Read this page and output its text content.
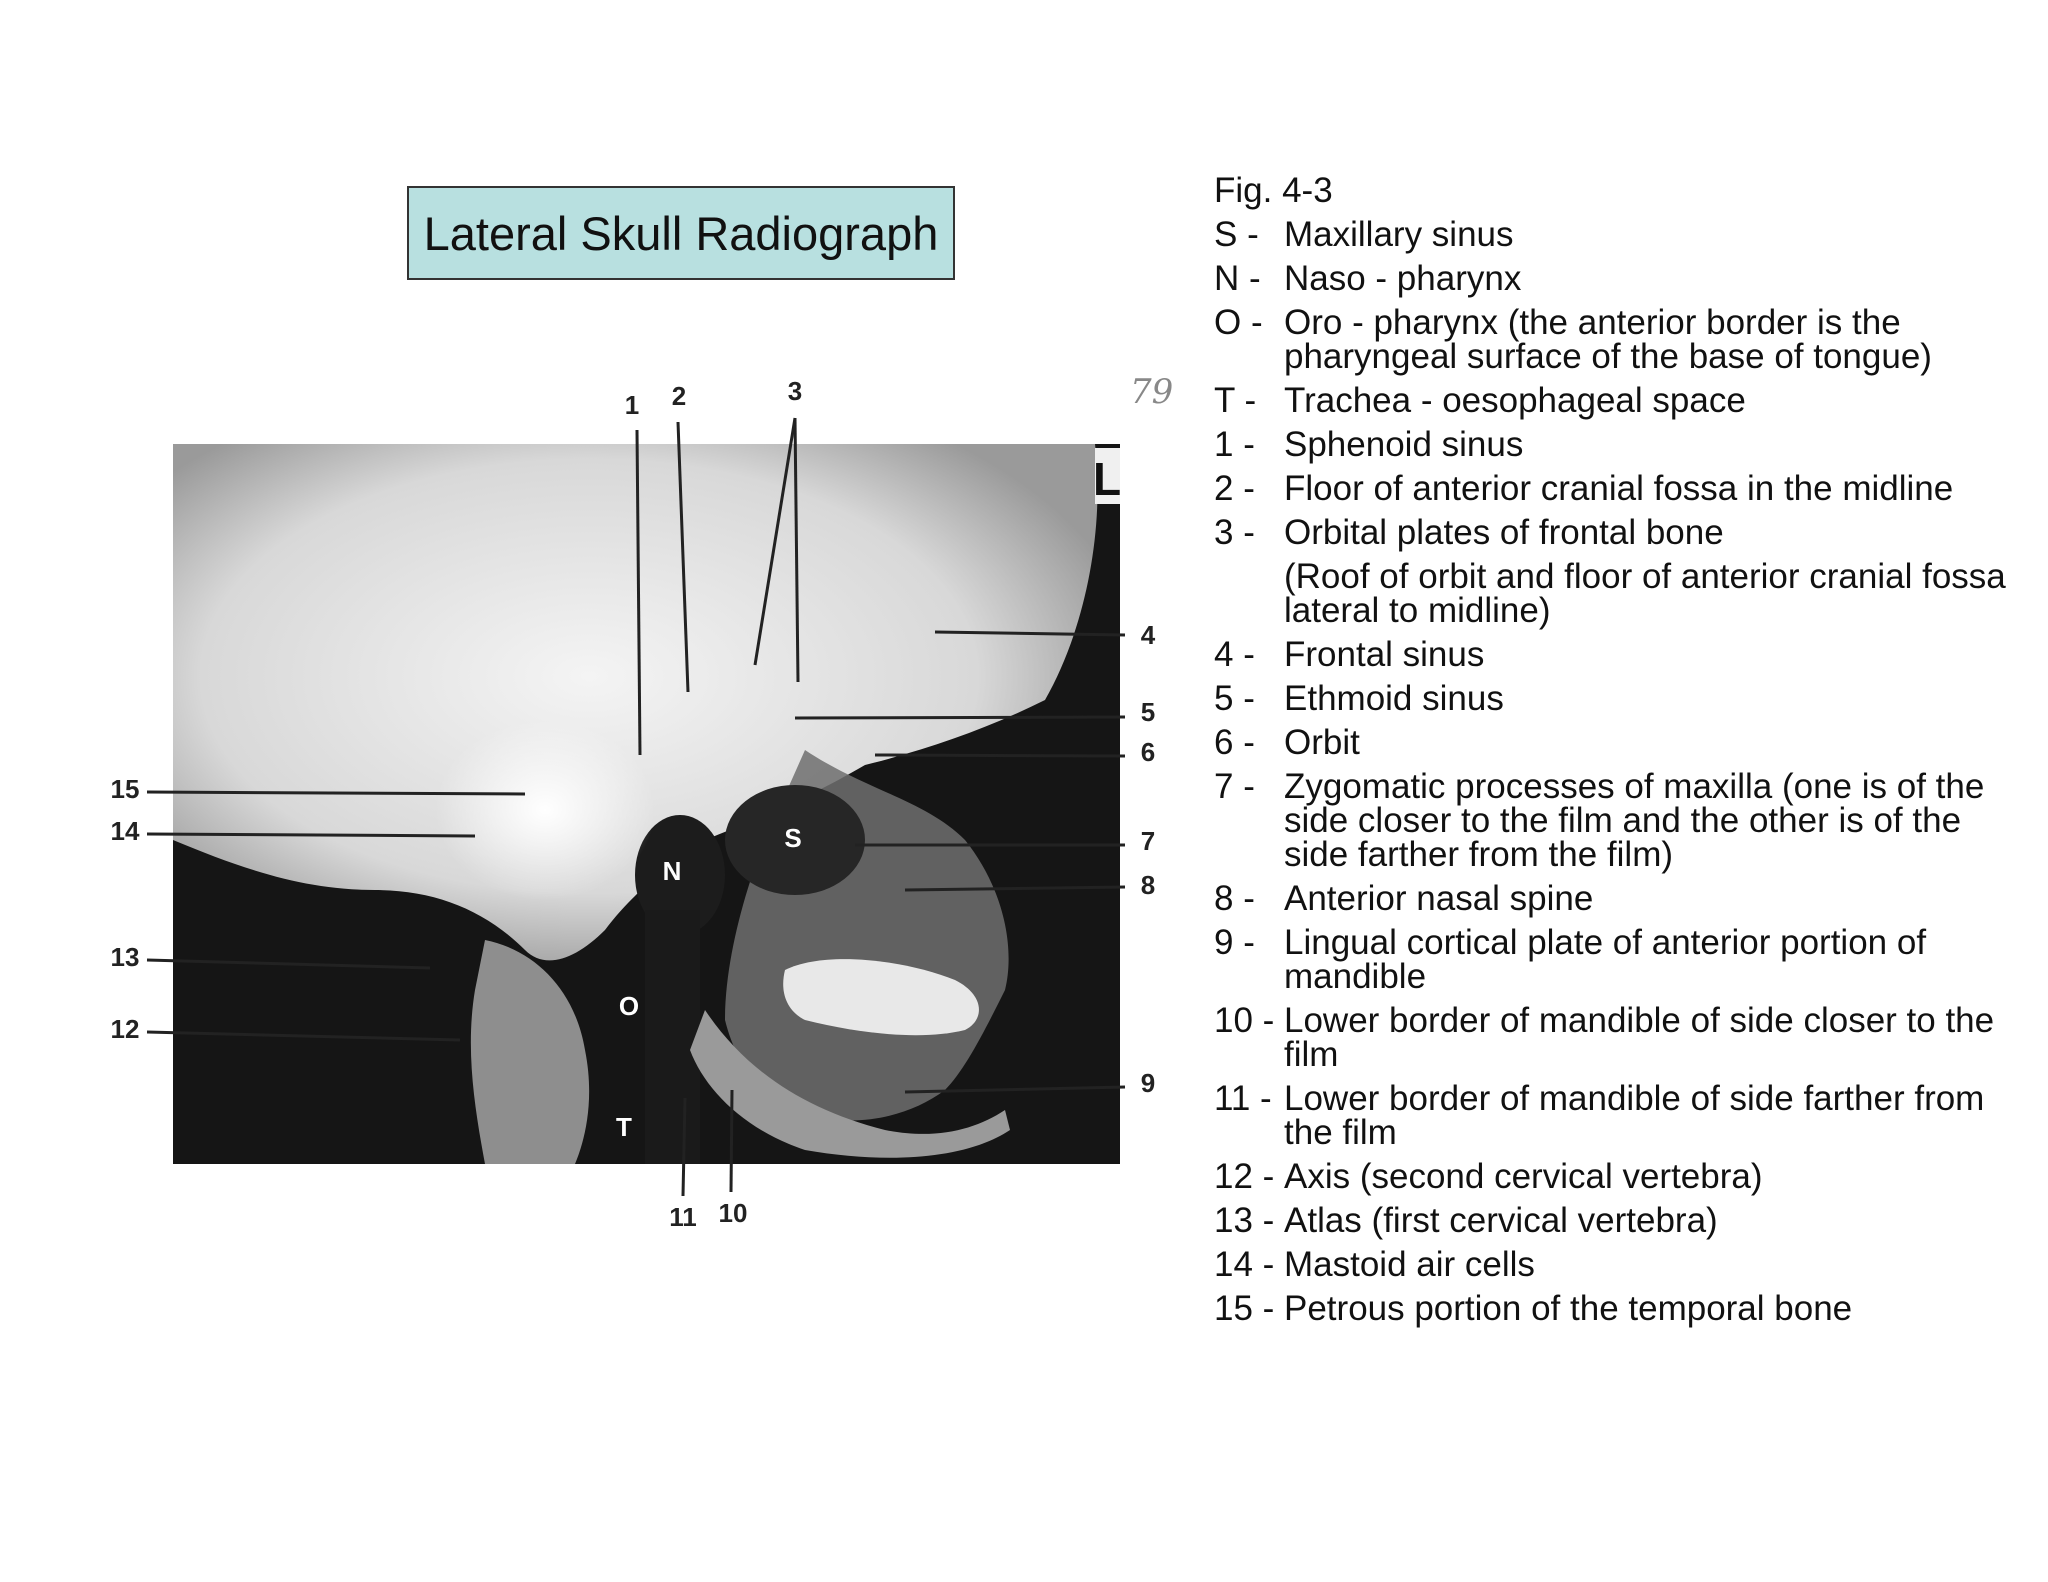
Lateral Skull Radiograph
79
L
S
N
O
T
1 2	3
4
5
6
7
8
9
10
11
12
13
14
15
Fig. 4-3
S - Maxillary sinus
N - Naso - pharynx
O - Oro - pharynx (the anterior border is the pharyngeal surface of the base of tongue)
T - Trachea - oesophageal space
1 - Sphenoid sinus
2 - Floor of anterior cranial fossa in the midline
3 - Orbital plates of frontal bone
(Roof of orbit and floor of anterior cranial fossa lateral to midline)
4 - Frontal sinus
5 - Ethmoid sinus
6 - Orbit
7 - Zygomatic processes of maxilla (one is of the side closer to the film and the other is of the side farther from the film)
8 - Anterior nasal spine
9 - Lingual cortical plate of anterior portion of mandible
10 - Lower border of mandible of side closer to the film
11 - Lower border of mandible of side farther from the film
12 - Axis (second cervical vertebra)
13 - Atlas (first cervical vertebra)
14 - Mastoid air cells
15 - Petrous portion of the temporal bone
